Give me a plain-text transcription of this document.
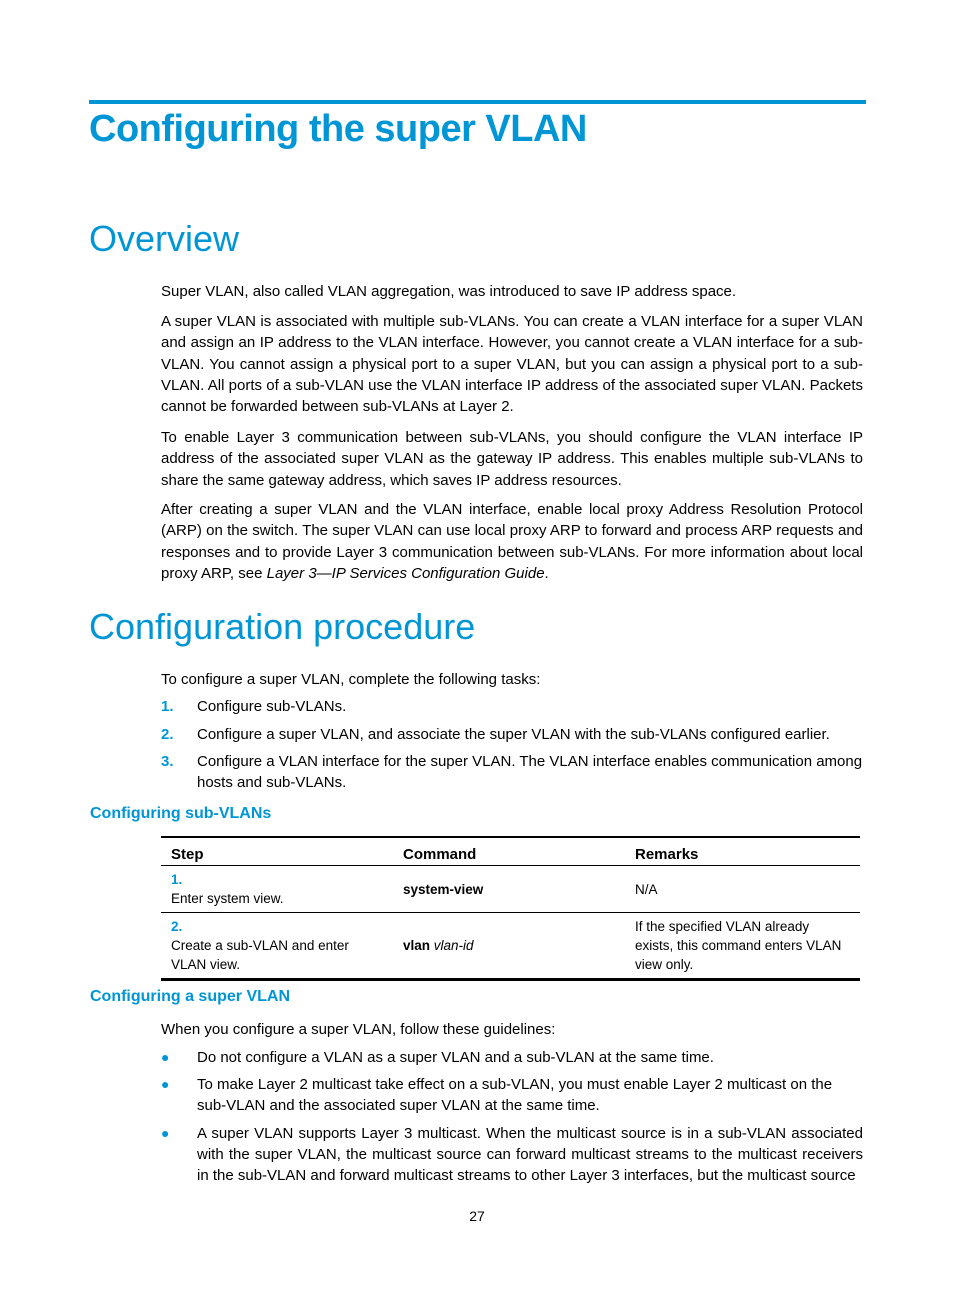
Configuring the super VLAN
Overview

Super VLAN, also called VLAN aggregation, was introduced to save IP address space.

A super VLAN is associated with multiple sub-VLANs. You can create a VLAN interface for a super VLAN and assign an IP address to the VLAN interface. However, you cannot create a VLAN interface for a sub-VLAN. You cannot assign a physical port to a super VLAN, but you can assign a physical port to a sub-VLAN. All ports of a sub-VLAN use the VLAN interface IP address of the associated super VLAN. Packets cannot be forwarded between sub-VLANs at Layer 2.

To enable Layer 3 communication between sub-VLANs, you should configure the VLAN interface IP address of the associated super VLAN as the gateway IP address. This enables multiple sub-VLANs to share the same gateway address, which saves IP address resources.

After creating a super VLAN and the VLAN interface, enable local proxy Address Resolution Protocol (ARP) on the switch. The super VLAN can use local proxy ARP to forward and process ARP requests and responses and to provide Layer 3 communication between sub-VLANs. For more information about local proxy ARP, see Layer 3—IP Services Configuration Guide.

Configuration procedure

To configure a super VLAN, complete the following tasks:

1. Configure sub-VLANs.
2. Configure a super VLAN, and associate the super VLAN with the sub-VLANs configured earlier.
3. Configure a VLAN interface for the super VLAN. The VLAN interface enables communication among hosts and sub-VLANs.
Configuring sub-VLANs
Step	Command	Remarks
1.Enter system view.	system-view	N/A
2.Create a sub-VLAN and enter VLAN view.	vlan vlan-id	If the specified VLAN already exists, this command enters VLAN view only.
Configuring a super VLAN

When you configure a super VLAN, follow these guidelines:

● Do not configure a VLAN as a super VLAN and a sub-VLAN at the same time.
● To make Layer 2 multicast take effect on a sub-VLAN, you must enable Layer 2 multicast on the sub-VLAN and the associated super VLAN at the same time.
● A super VLAN supports Layer 3 multicast. When the multicast source is in a sub-VLAN associated with the super VLAN, the multicast source can forward multicast streams to the multicast receivers in the sub-VLAN and forward multicast streams to other Layer 3 interfaces, but the multicast source
27
